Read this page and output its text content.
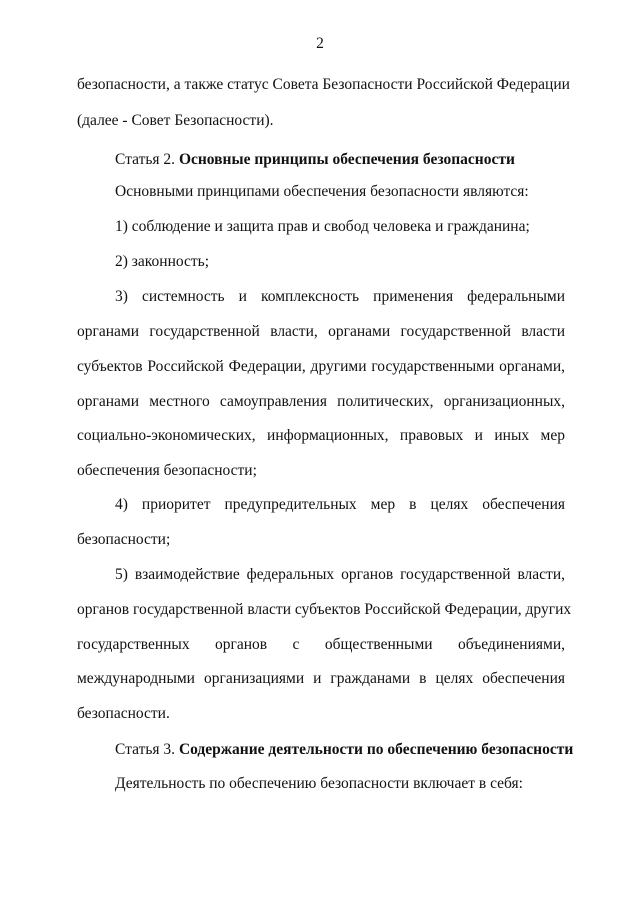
2
безопасности, а также статус Совета Безопасности Российской Федерации
(далее - Совет Безопасности).
Статья 2. Основные принципы обеспечения безопасности
Основными принципами обеспечения безопасности являются:
1) соблюдение и защита прав и свобод человека и гражданина;
2) законность;
3) системность и комплексность применения федеральными
органами государственной власти, органами государственной власти
субъектов Российской Федерации, другими государственными органами,
органами местного самоуправления политических, организационных,
социально-экономических, информационных, правовых и иных мер
обеспечения безопасности;
4) приоритет предупредительных мер в целях обеспечения
безопасности;
5) взаимодействие федеральных органов государственной власти,
органов государственной власти субъектов Российской Федерации, других
государственных органов с общественными объединениями,
международными организациями и гражданами в целях обеспечения
безопасности.
Статья 3. Содержание деятельности по обеспечению безопасности
Деятельность по обеспечению безопасности включает в себя:
